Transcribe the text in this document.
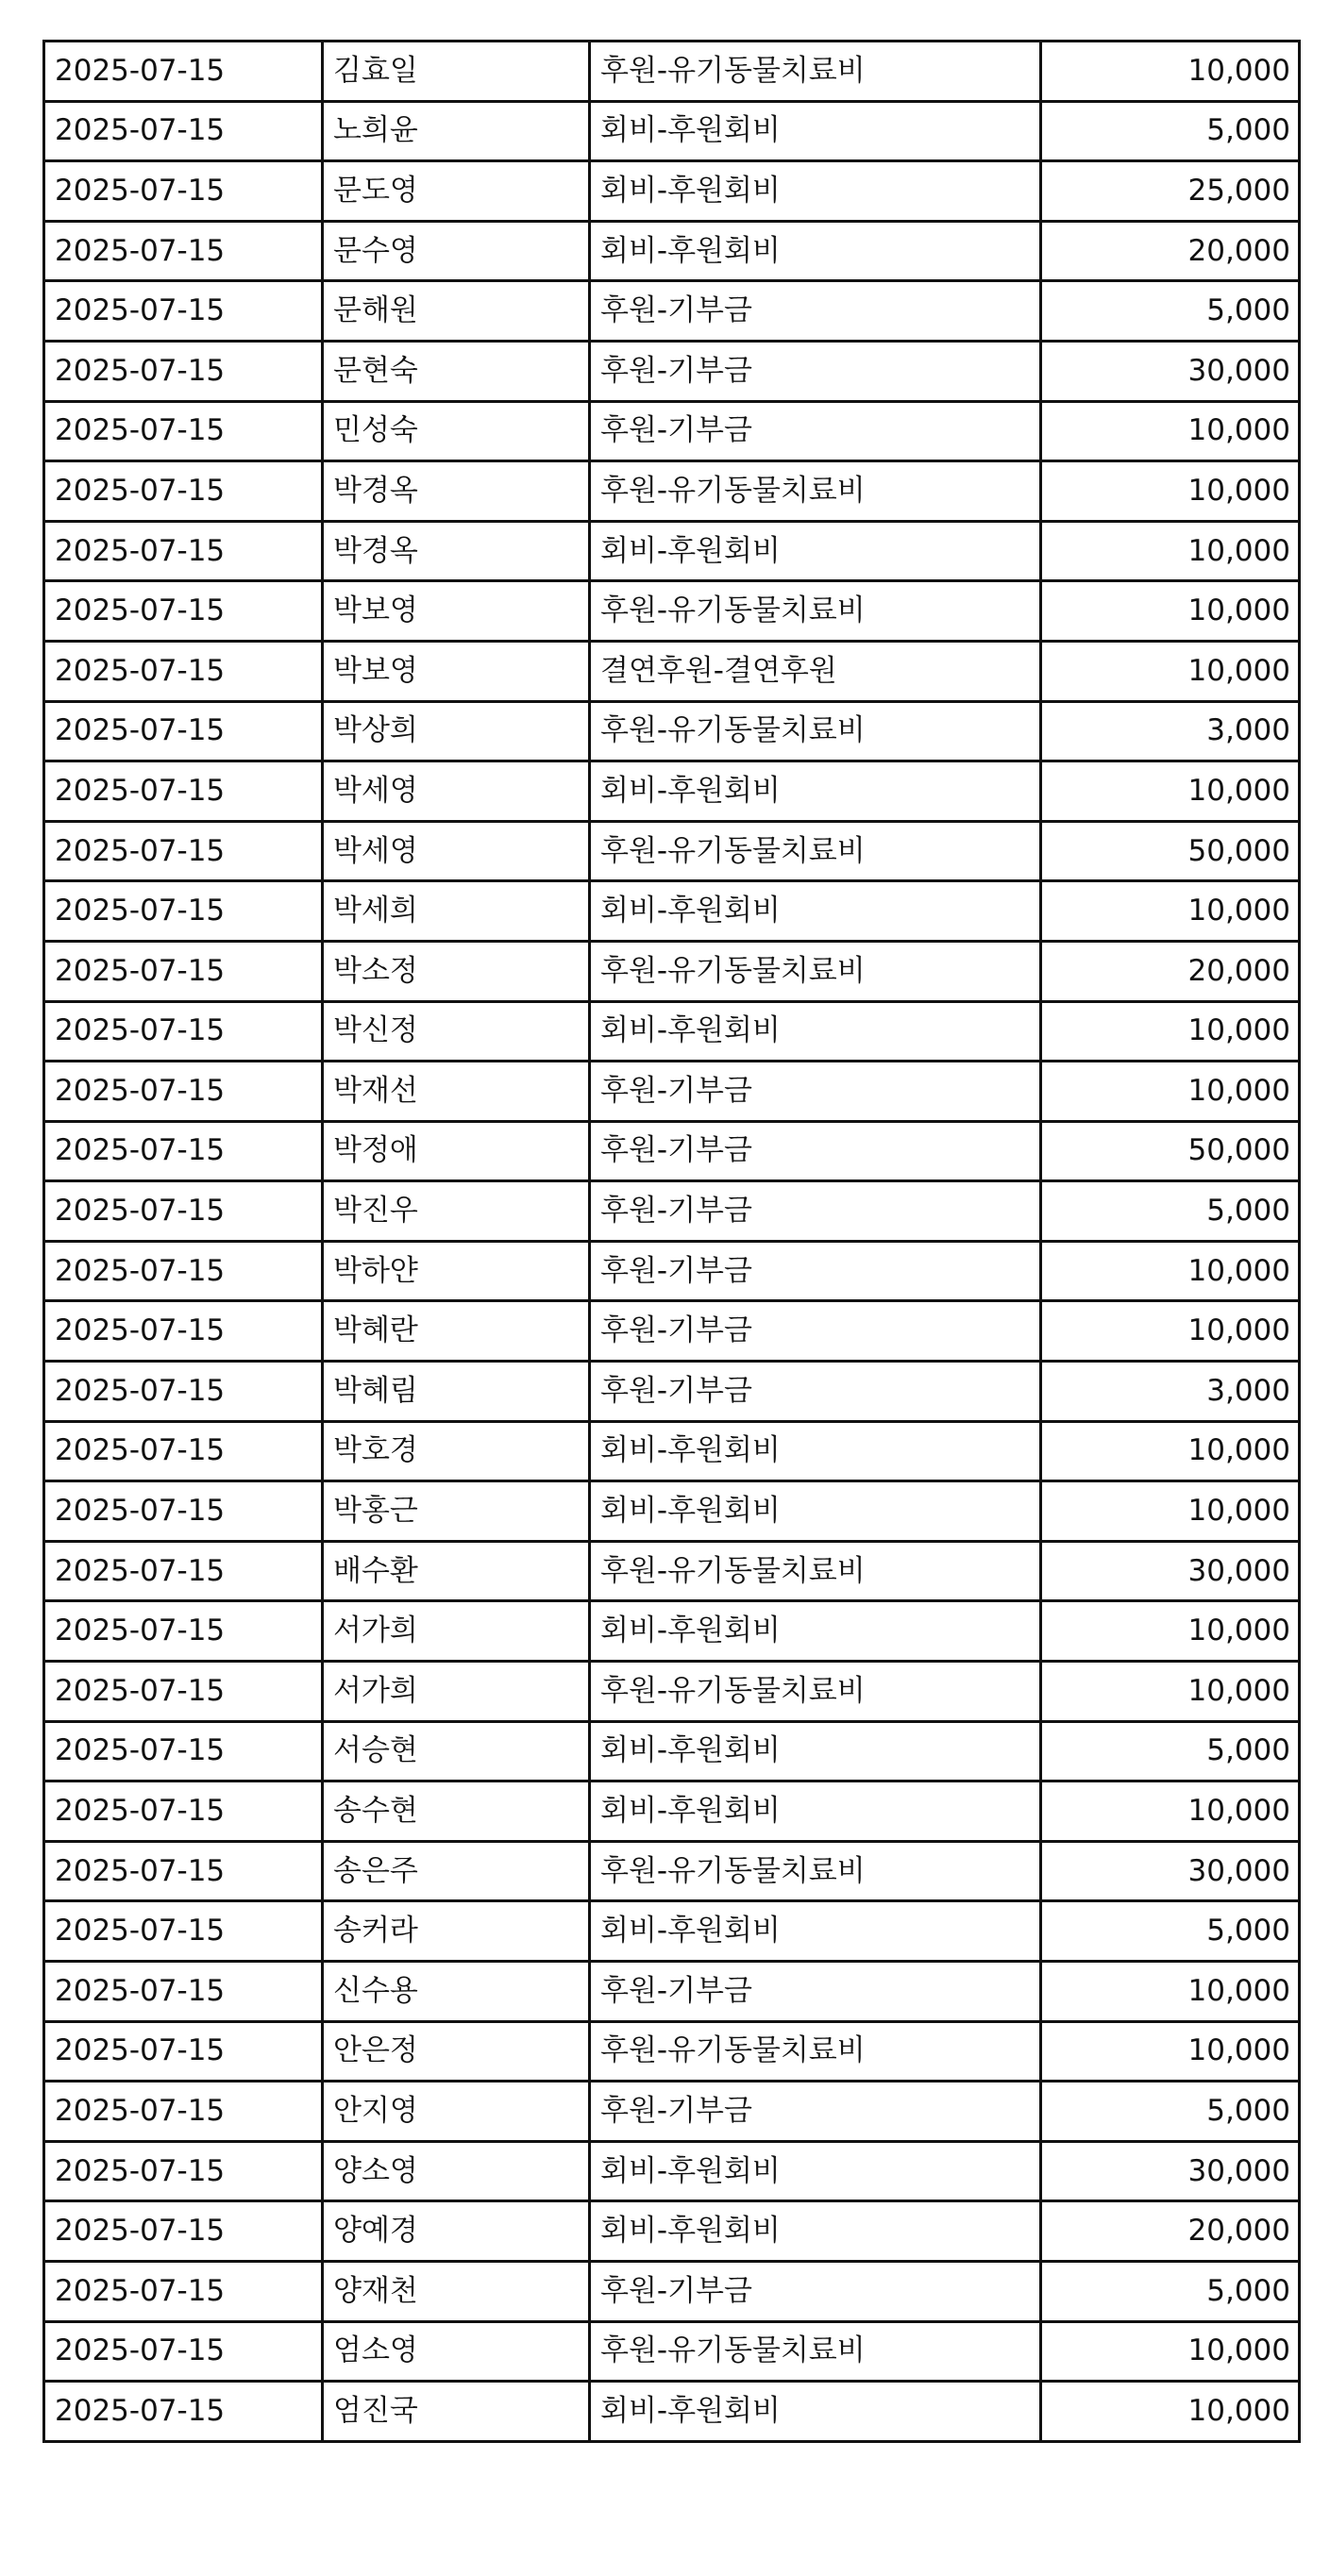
2025-07-15	김효일	후원-유기동물치료비	10,000
2025-07-15	노희윤	회비-후원회비	5,000
2025-07-15	문도영	회비-후원회비	25,000
2025-07-15	문수영	회비-후원회비	20,000
2025-07-15	문해원	후원-기부금	5,000
2025-07-15	문현숙	후원-기부금	30,000
2025-07-15	민성숙	후원-기부금	10,000
2025-07-15	박경옥	후원-유기동물치료비	10,000
2025-07-15	박경옥	회비-후원회비	10,000
2025-07-15	박보영	후원-유기동물치료비	10,000
2025-07-15	박보영	결연후원-결연후원	10,000
2025-07-15	박상희	후원-유기동물치료비	3,000
2025-07-15	박세영	회비-후원회비	10,000
2025-07-15	박세영	후원-유기동물치료비	50,000
2025-07-15	박세희	회비-후원회비	10,000
2025-07-15	박소정	후원-유기동물치료비	20,000
2025-07-15	박신정	회비-후원회비	10,000
2025-07-15	박재선	후원-기부금	10,000
2025-07-15	박정애	후원-기부금	50,000
2025-07-15	박진우	후원-기부금	5,000
2025-07-15	박하얀	후원-기부금	10,000
2025-07-15	박혜란	후원-기부금	10,000
2025-07-15	박혜림	후원-기부금	3,000
2025-07-15	박호경	회비-후원회비	10,000
2025-07-15	박홍근	회비-후원회비	10,000
2025-07-15	배수환	후원-유기동물치료비	30,000
2025-07-15	서가희	회비-후원회비	10,000
2025-07-15	서가희	후원-유기동물치료비	10,000
2025-07-15	서승현	회비-후원회비	5,000
2025-07-15	송수현	회비-후원회비	10,000
2025-07-15	송은주	후원-유기동물치료비	30,000
2025-07-15	송커라	회비-후원회비	5,000
2025-07-15	신수용	후원-기부금	10,000
2025-07-15	안은정	후원-유기동물치료비	10,000
2025-07-15	안지영	후원-기부금	5,000
2025-07-15	양소영	회비-후원회비	30,000
2025-07-15	양예경	회비-후원회비	20,000
2025-07-15	양재천	후원-기부금	5,000
2025-07-15	엄소영	후원-유기동물치료비	10,000
2025-07-15	엄진국	회비-후원회비	10,000
